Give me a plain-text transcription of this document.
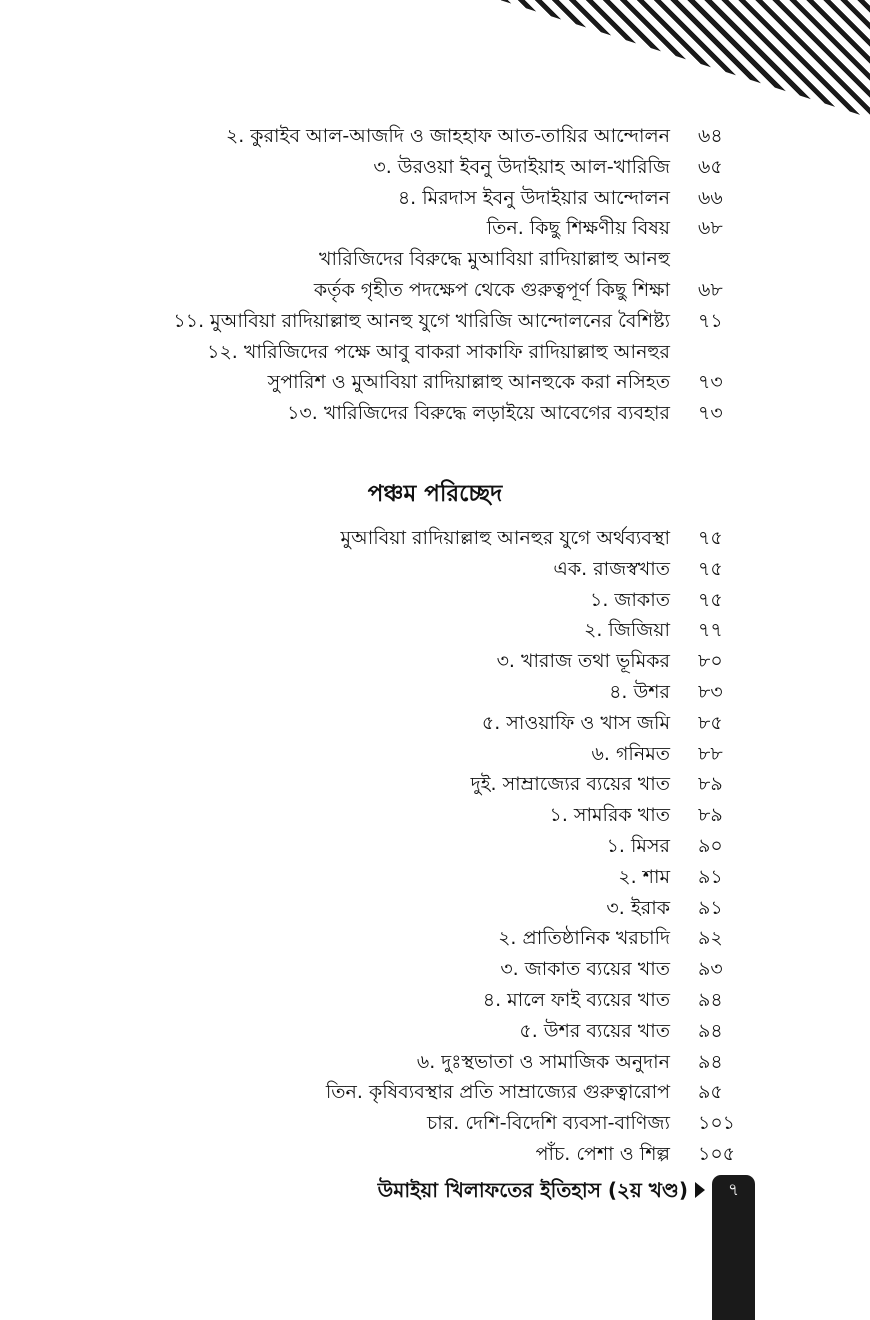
২. কুরাইব আল-আজদি ও জাহহাফ আত-তায়ির আন্দোলন ৬৪
৩. উরওয়া ইবনু উদাইয়াহ আল-খারিজি ৬৫
৪. মিরদাস ইবনু উদাইয়ার আন্দোলন ৬৬
তিন. কিছু শিক্ষণীয় বিষয় ৬৮
খারিজিদের বিরুদ্ধে মুআবিয়া রাদিয়াল্লাহু আনহু
কর্তৃক গৃহীত পদক্ষেপ থেকে গুরুত্বপূর্ণ কিছু শিক্ষা ৬৮
১১. মুআবিয়া রাদিয়াল্লাহু আনহু যুগে খারিজি আন্দোলনের বৈশিষ্ট্য ৭১
১২. খারিজিদের পক্ষে আবু বাকরা সাকাফি রাদিয়াল্লাহু আনহুর
সুপারিশ ও মুআবিয়া রাদিয়াল্লাহু আনহুকে করা নসিহত ৭৩
১৩. খারিজিদের বিরুদ্ধে লড়াইয়ে আবেগের ব্যবহার ৭৩
পঞ্চম পরিচ্ছেদ
মুআবিয়া রাদিয়াল্লাহু আনহুর যুগে অর্থব্যবস্থা ৭৫
এক. রাজস্বখাত ৭৫
১. জাকাত ৭৫
২. জিজিয়া ৭৭
৩. খারাজ তথা ভূমিকর ৮০
৪. উশর ৮৩
৫. সাওয়াফি ও খাস জমি ৮৫
৬. গনিমত ৮৮
দুই. সাম্রাজ্যের ব্যয়ের খাত ৮৯
১. সামরিক খাত ৮৯
১. মিসর ৯০
২. শাম ৯১
৩. ইরাক ৯১
২. প্রাতিষ্ঠানিক খরচাদি ৯২
৩. জাকাত ব্যয়ের খাত ৯৩
৪. মালে ফাই ব্যয়ের খাত ৯৪
৫. উশর ব্যয়ের খাত ৯৪
৬. দুঃস্থভাতা ও সামাজিক অনুদান ৯৪
তিন. কৃষিব্যবস্থার প্রতি সাম্রাজ্যের গুরুত্বারোপ ৯৫
চার. দেশি-বিদেশি ব্যবসা-বাণিজ্য ১০১
পাঁচ. পেশা ও শিল্প ১০৫
উমাইয়া খিলাফতের ইতিহাস (২য় খণ্ড)	৭
